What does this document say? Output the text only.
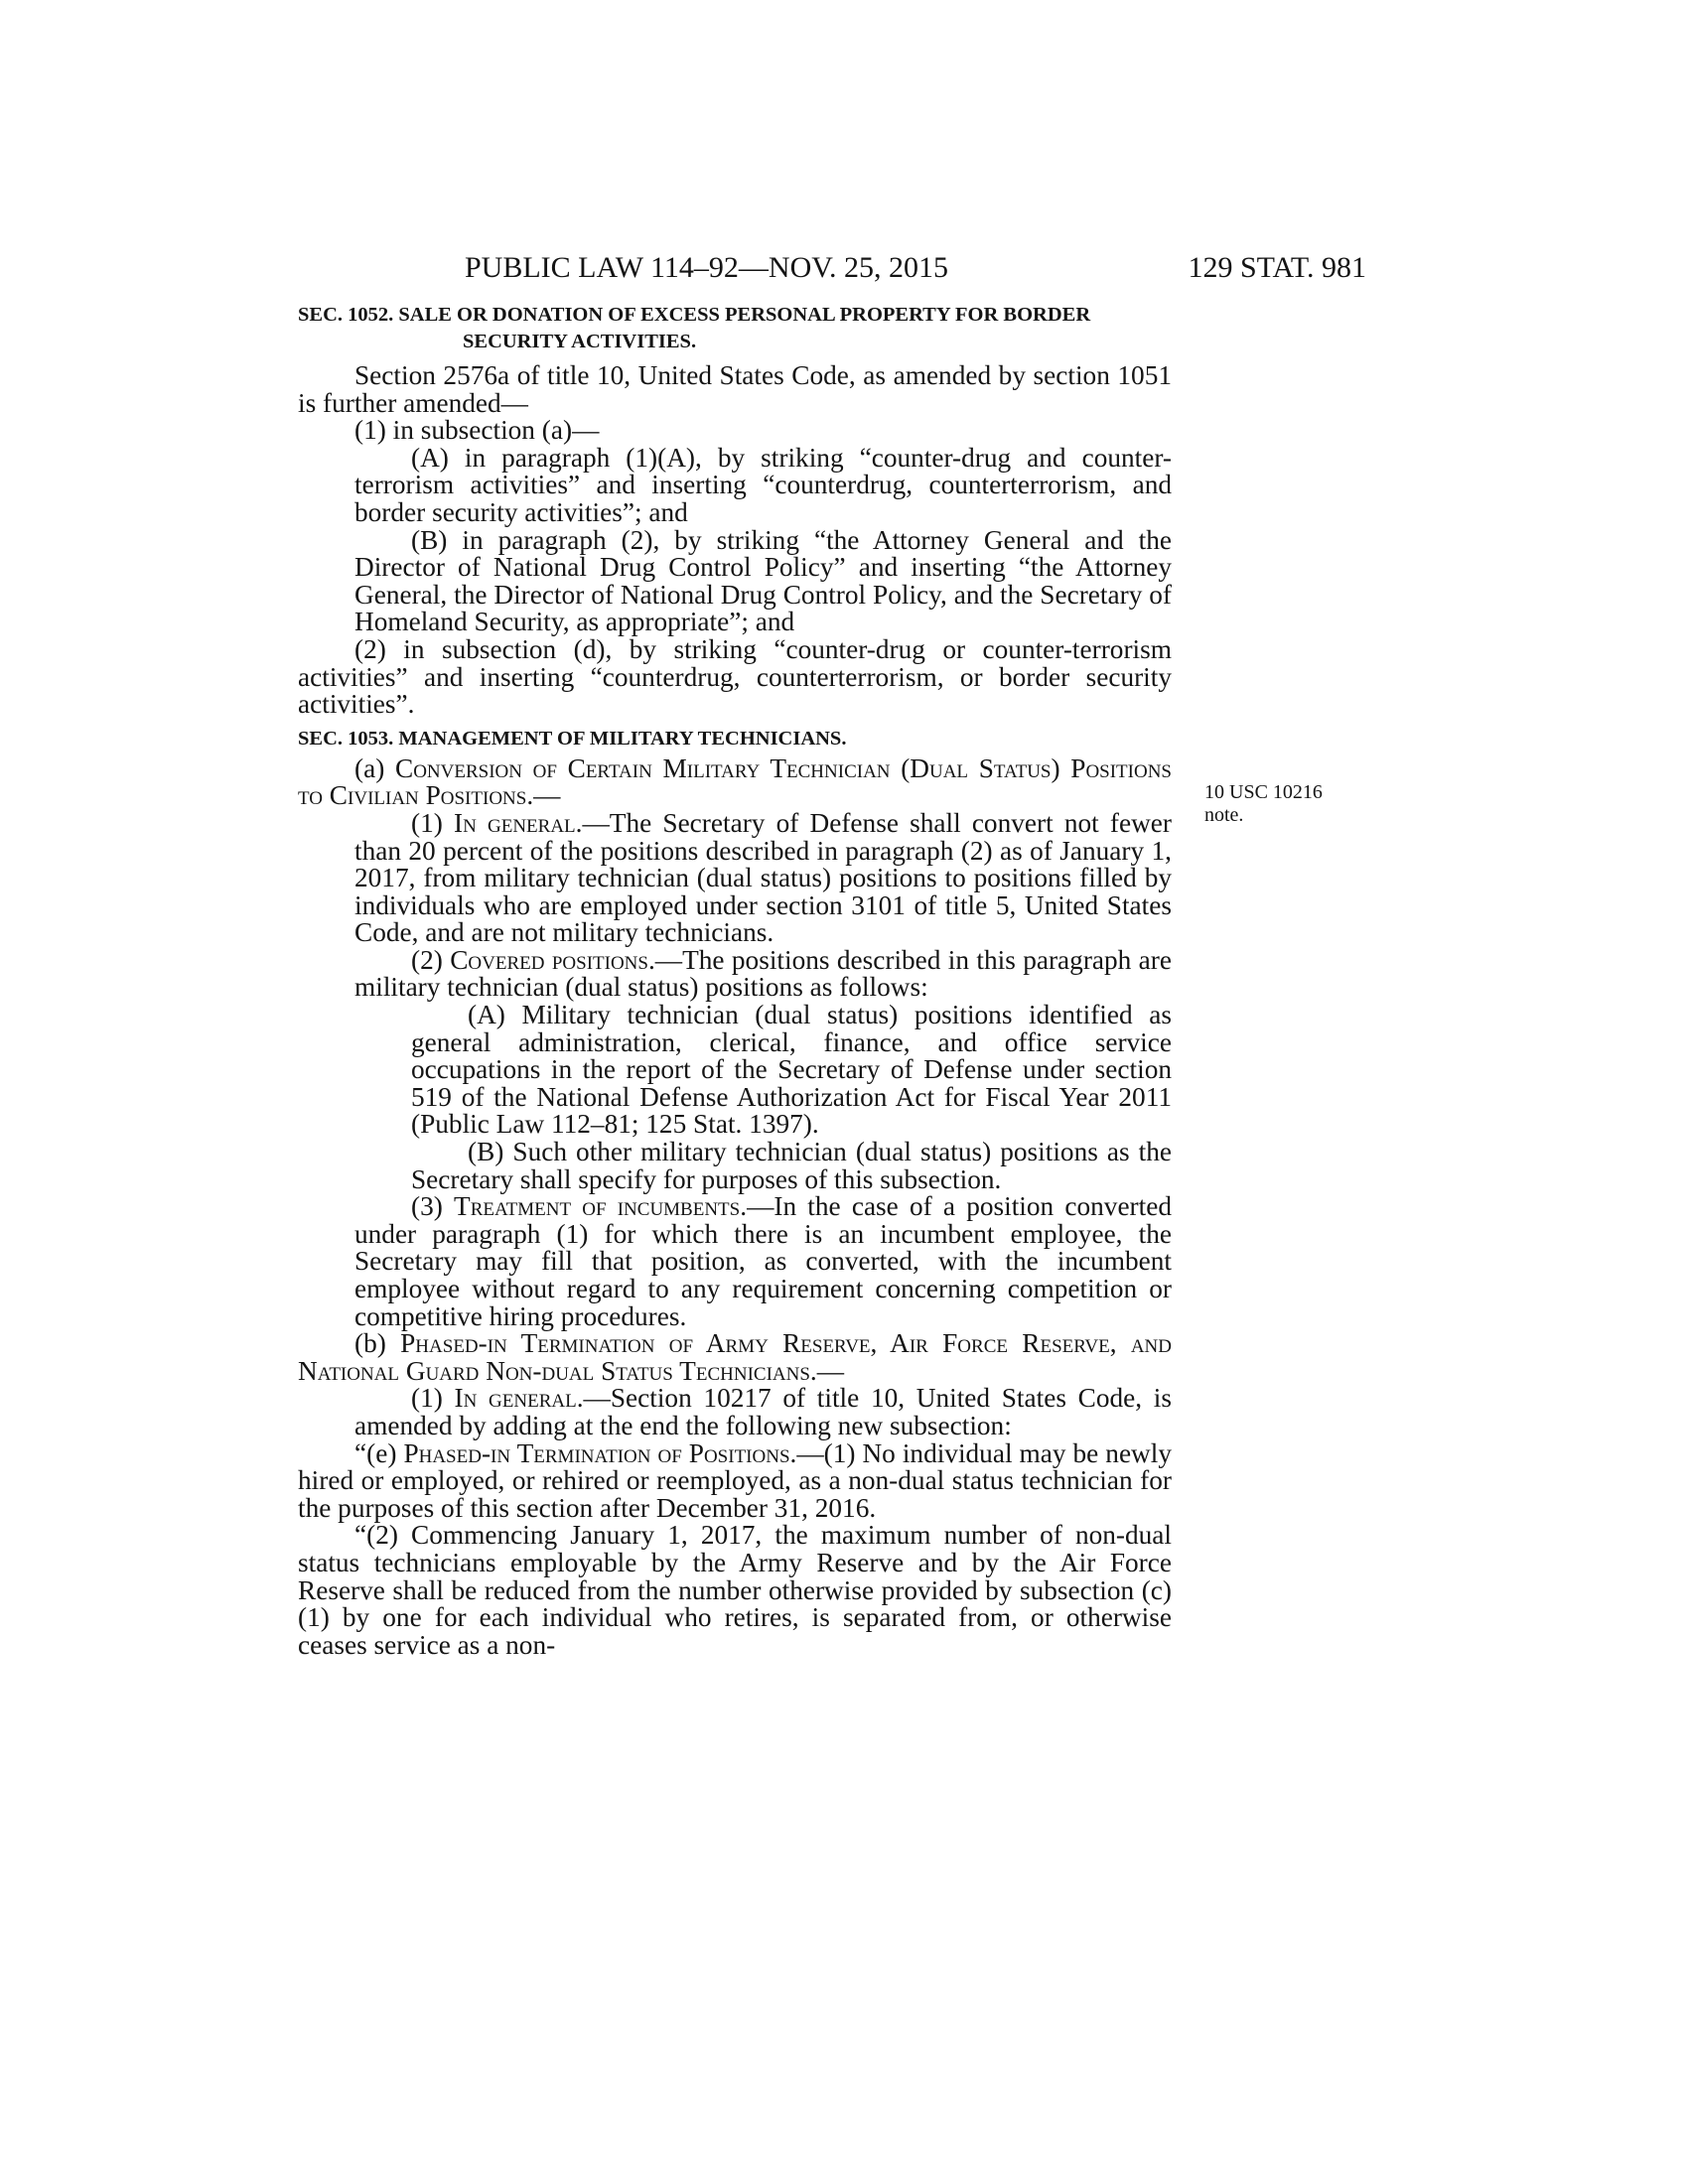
PUBLIC LAW 114–92—NOV. 25, 2015	129 STAT. 981
10 USC 10216
note.

SEC. 1052. SALE OR DONATION OF EXCESS PERSONAL PROPERTY FOR BORDER SECURITY ACTIVITIES.

Section 2576a of title 10, United States Code, as amended by section 1051 is further amended—

(1) in subsection (a)—

(A) in paragraph (1)(A), by striking “counter-drug and counter-terrorism activities” and inserting “counterdrug, counterterrorism, and border security activities”; and

(B) in paragraph (2), by striking “the Attorney General and the Director of National Drug Control Policy” and inserting “the Attorney General, the Director of National Drug Control Policy, and the Secretary of Homeland Security, as appropriate”; and

(2) in subsection (d), by striking “counter-drug or counter-terrorism activities” and inserting “counterdrug, counterterrorism, or border security activities”.

SEC. 1053. MANAGEMENT OF MILITARY TECHNICIANS.

(a) Conversion of Certain Military Technician (Dual Status) Positions to Civilian Positions.—

(1) In general.—The Secretary of Defense shall convert not fewer than 20 percent of the positions described in paragraph (2) as of January 1, 2017, from military technician (dual status) positions to positions filled by individuals who are employed under section 3101 of title 5, United States Code, and are not military technicians.

(2) Covered positions.—The positions described in this paragraph are military technician (dual status) positions as follows:

(A) Military technician (dual status) positions identified as general administration, clerical, finance, and office service occupations in the report of the Secretary of Defense under section 519 of the National Defense Authorization Act for Fiscal Year 2011 (Public Law 112–81; 125 Stat. 1397).

(B) Such other military technician (dual status) positions as the Secretary shall specify for purposes of this subsection.

(3) Treatment of incumbents.—In the case of a position converted under paragraph (1) for which there is an incumbent employee, the Secretary may fill that position, as converted, with the incumbent employee without regard to any requirement concerning competition or competitive hiring procedures.

(b) Phased-in Termination of Army Reserve, Air Force Reserve, and National Guard Non-dual Status Technicians.—

(1) In general.—Section 10217 of title 10, United States Code, is amended by adding at the end the following new subsection:

“(e) Phased-in Termination of Positions.—(1) No individual may be newly hired or employed, or rehired or reemployed, as a non-dual status technician for the purposes of this section after December 31, 2016.

“(2) Commencing January 1, 2017, the maximum number of non-dual status technicians employable by the Army Reserve and by the Air Force Reserve shall be reduced from the number otherwise provided by subsection (c)(1) by one for each individual who retires, is separated from, or otherwise ceases service as a non-
